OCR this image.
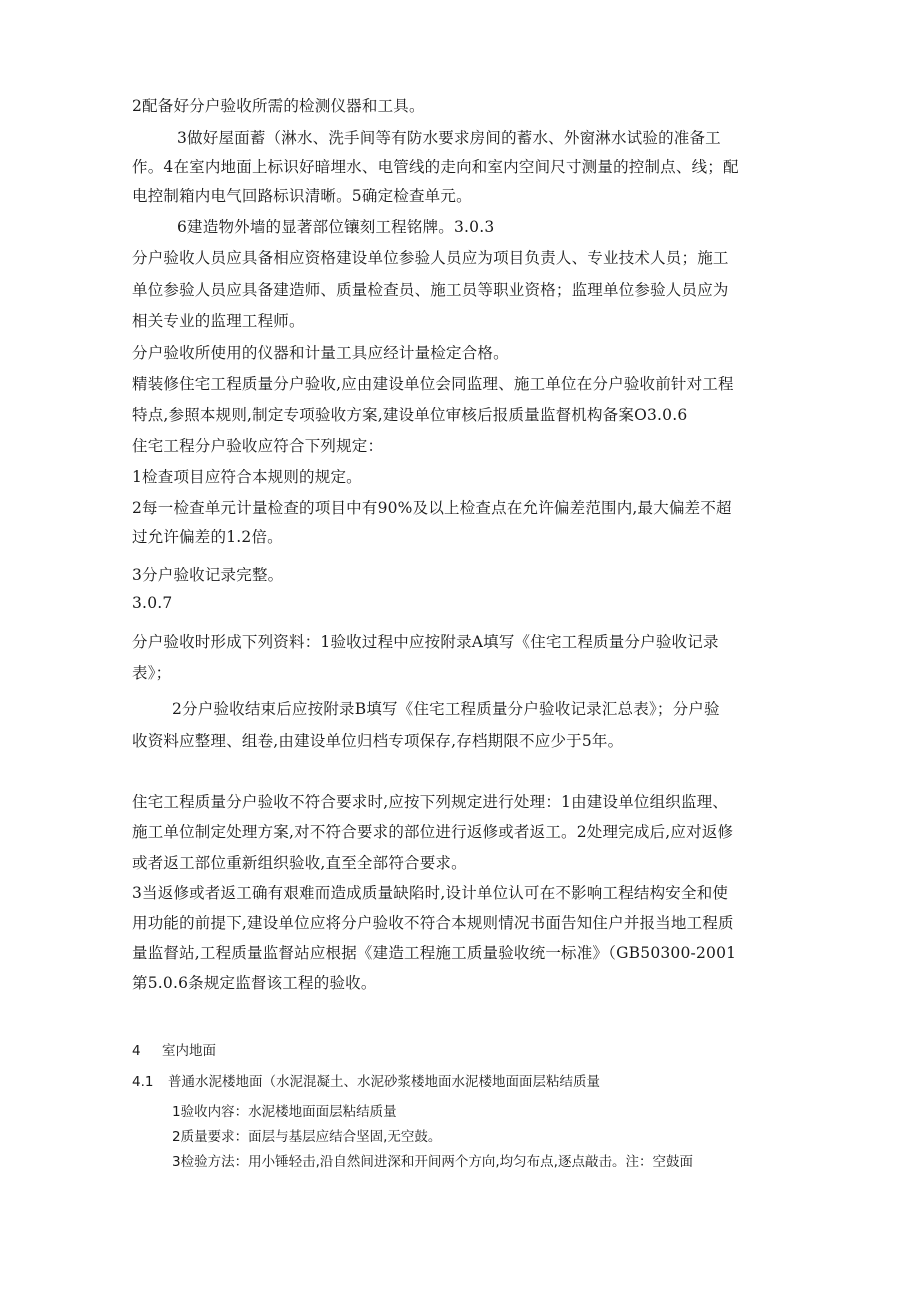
2配备好分户验收所需的检测仪器和工具。
3做好屋面蓄（淋水、洗手间等有防水要求房间的蓄水、外窗淋水试验的准备工
作。4在室内地面上标识好暗埋水、电管线的走向和室内空间尺寸测量的控制点、线；配
电控制箱内电气回路标识清晰。5确定检查单元。
6建造物外墙的显著部位镶刻工程铭牌。3.0.3
分户验收人员应具备相应资格建设单位参验人员应为项目负责人、专业技术人员；施工
单位参验人员应具备建造师、质量检查员、施工员等职业资格；监理单位参验人员应为
相关专业的监理工程师。
分户验收所使用的仪器和计量工具应经计量检定合格。
精装修住宅工程质量分户验收,应由建设单位会同监理、施工单位在分户验收前针对工程
特点,参照本规则,制定专项验收方案,建设单位审核后报质量监督机构备案O3.0.6
住宅工程分户验收应符合下列规定：
1检查项目应符合本规则的规定。
2每一检查单元计量检查的项目中有90%及以上检查点在允许偏差范围内,最大偏差不超
过允许偏差的1.2倍。
3分户验收记录完整。
3.0.7
分户验收时形成下列资料：1验收过程中应按附录A填写《住宅工程质量分户验收记录
表》；
2分户验收结束后应按附录B填写《住宅工程质量分户验收记录汇总表》；分户验
收资料应整理、组卷,由建设单位归档专项保存,存档期限不应少于5年。
住宅工程质量分户验收不符合要求时,应按下列规定进行处理：1由建设单位组织监理、
施工单位制定处理方案,对不符合要求的部位进行返修或者返工。2处理完成后,应对返修
或者返工部位重新组织验收,直至全部符合要求。
3当返修或者返工确有艰难而造成质量缺陷时,设计单位认可在不影响工程结构安全和使
用功能的前提下,建设单位应将分户验收不符合本规则情况书面告知住户并报当地工程质
量监督站,工程质量监督站应根据《建造工程施工质量验收统一标准》（GB50300-2001
第5.0.6条规定监督该工程的验收。
4 室内地面
4.1 普通水泥楼地面（水泥混凝土、水泥砂浆楼地面水泥楼地面面层粘结质量
1验收内容：水泥楼地面面层粘结质量
2质量要求：面层与基层应结合坚固,无空鼓。
3检验方法：用小锤轻击,沿自然间进深和开间两个方向,均匀布点,逐点敲击。注：空鼓面
